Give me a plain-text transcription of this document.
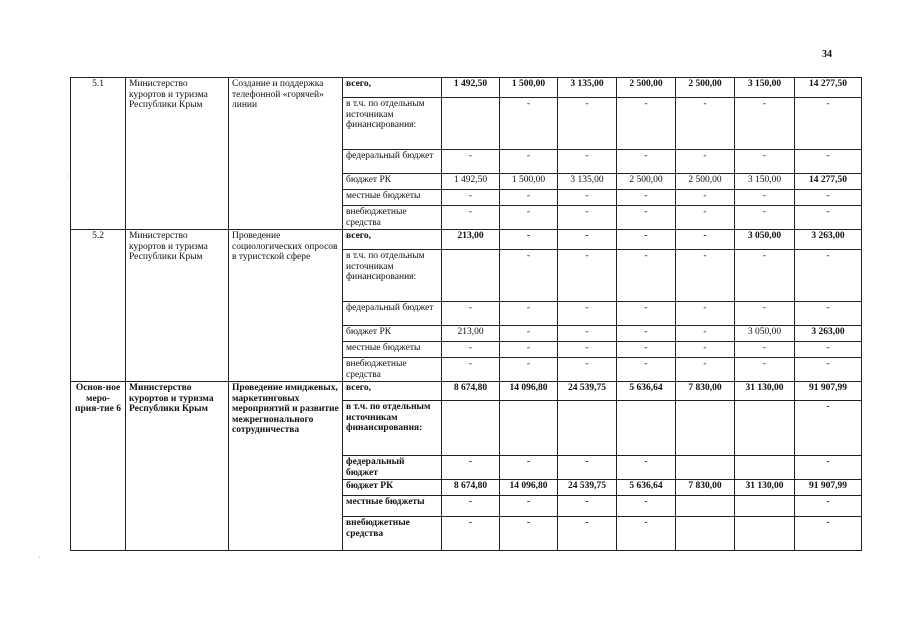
34
5.1	Министерство курортов и туризма Республики Крым	Создание и поддержка телефонной «горячей» линии	всего,	1 492,50	1 500,00	3 135,00	2 500,00	2 500,00	3 150,00	14 277,50
			в т.ч. по отдельным источникам финансирования:		-	-	-	-	-	-
			федеральный бюджет	-	-	-	-	-	-	-
			бюджет РК	1 492,50	1 500,00	3 135,00	2 500,00	2 500,00	3 150,00	14 277,50
			местные бюджеты	-	-	-	-	-	-	-
			внебюджетные средства	-	-	-	-	-	-	-
5.2	Министерство курортов и туризма Республики Крым	Проведение социологических опросов в туристской сфере	всего,	213,00	-	-	-	-	3 050,00	3 263,00
			в т.ч. по отдельным источникам финансирования:		-	-	-	-	-	-
			федеральный бюджет	-	-	-	-	-	-	-
			бюджет РК	213,00	-	-	-	-	3 050,00	3 263,00
			местные бюджеты	-	-	-	-	-	-	-
			внебюджетные средства	-	-	-	-	-	-	-
Основ-ное меро-прия-тие 6	Министерство курортов и туризма Республики Крым	Проведение имиджевых, маркетинговых мероприятий и развитие межрегионального сотрудничества	всего,	8 674,80	14 096,80	24 539,75	5 636,64	7 830,00	31 130,00	91 907,99
			в т.ч. по отдельным источникам финансирования:							-
			федеральный бюджет	-	-	-	-			-
			бюджет РК	8 674,80	14 096,80	24 539,75	5 636,64	7 830,00	31 130,00	91 907,99
			местные бюджеты	-	-	-	-			-
			внебюджетные средства	-	-	-	-			-
·
·
